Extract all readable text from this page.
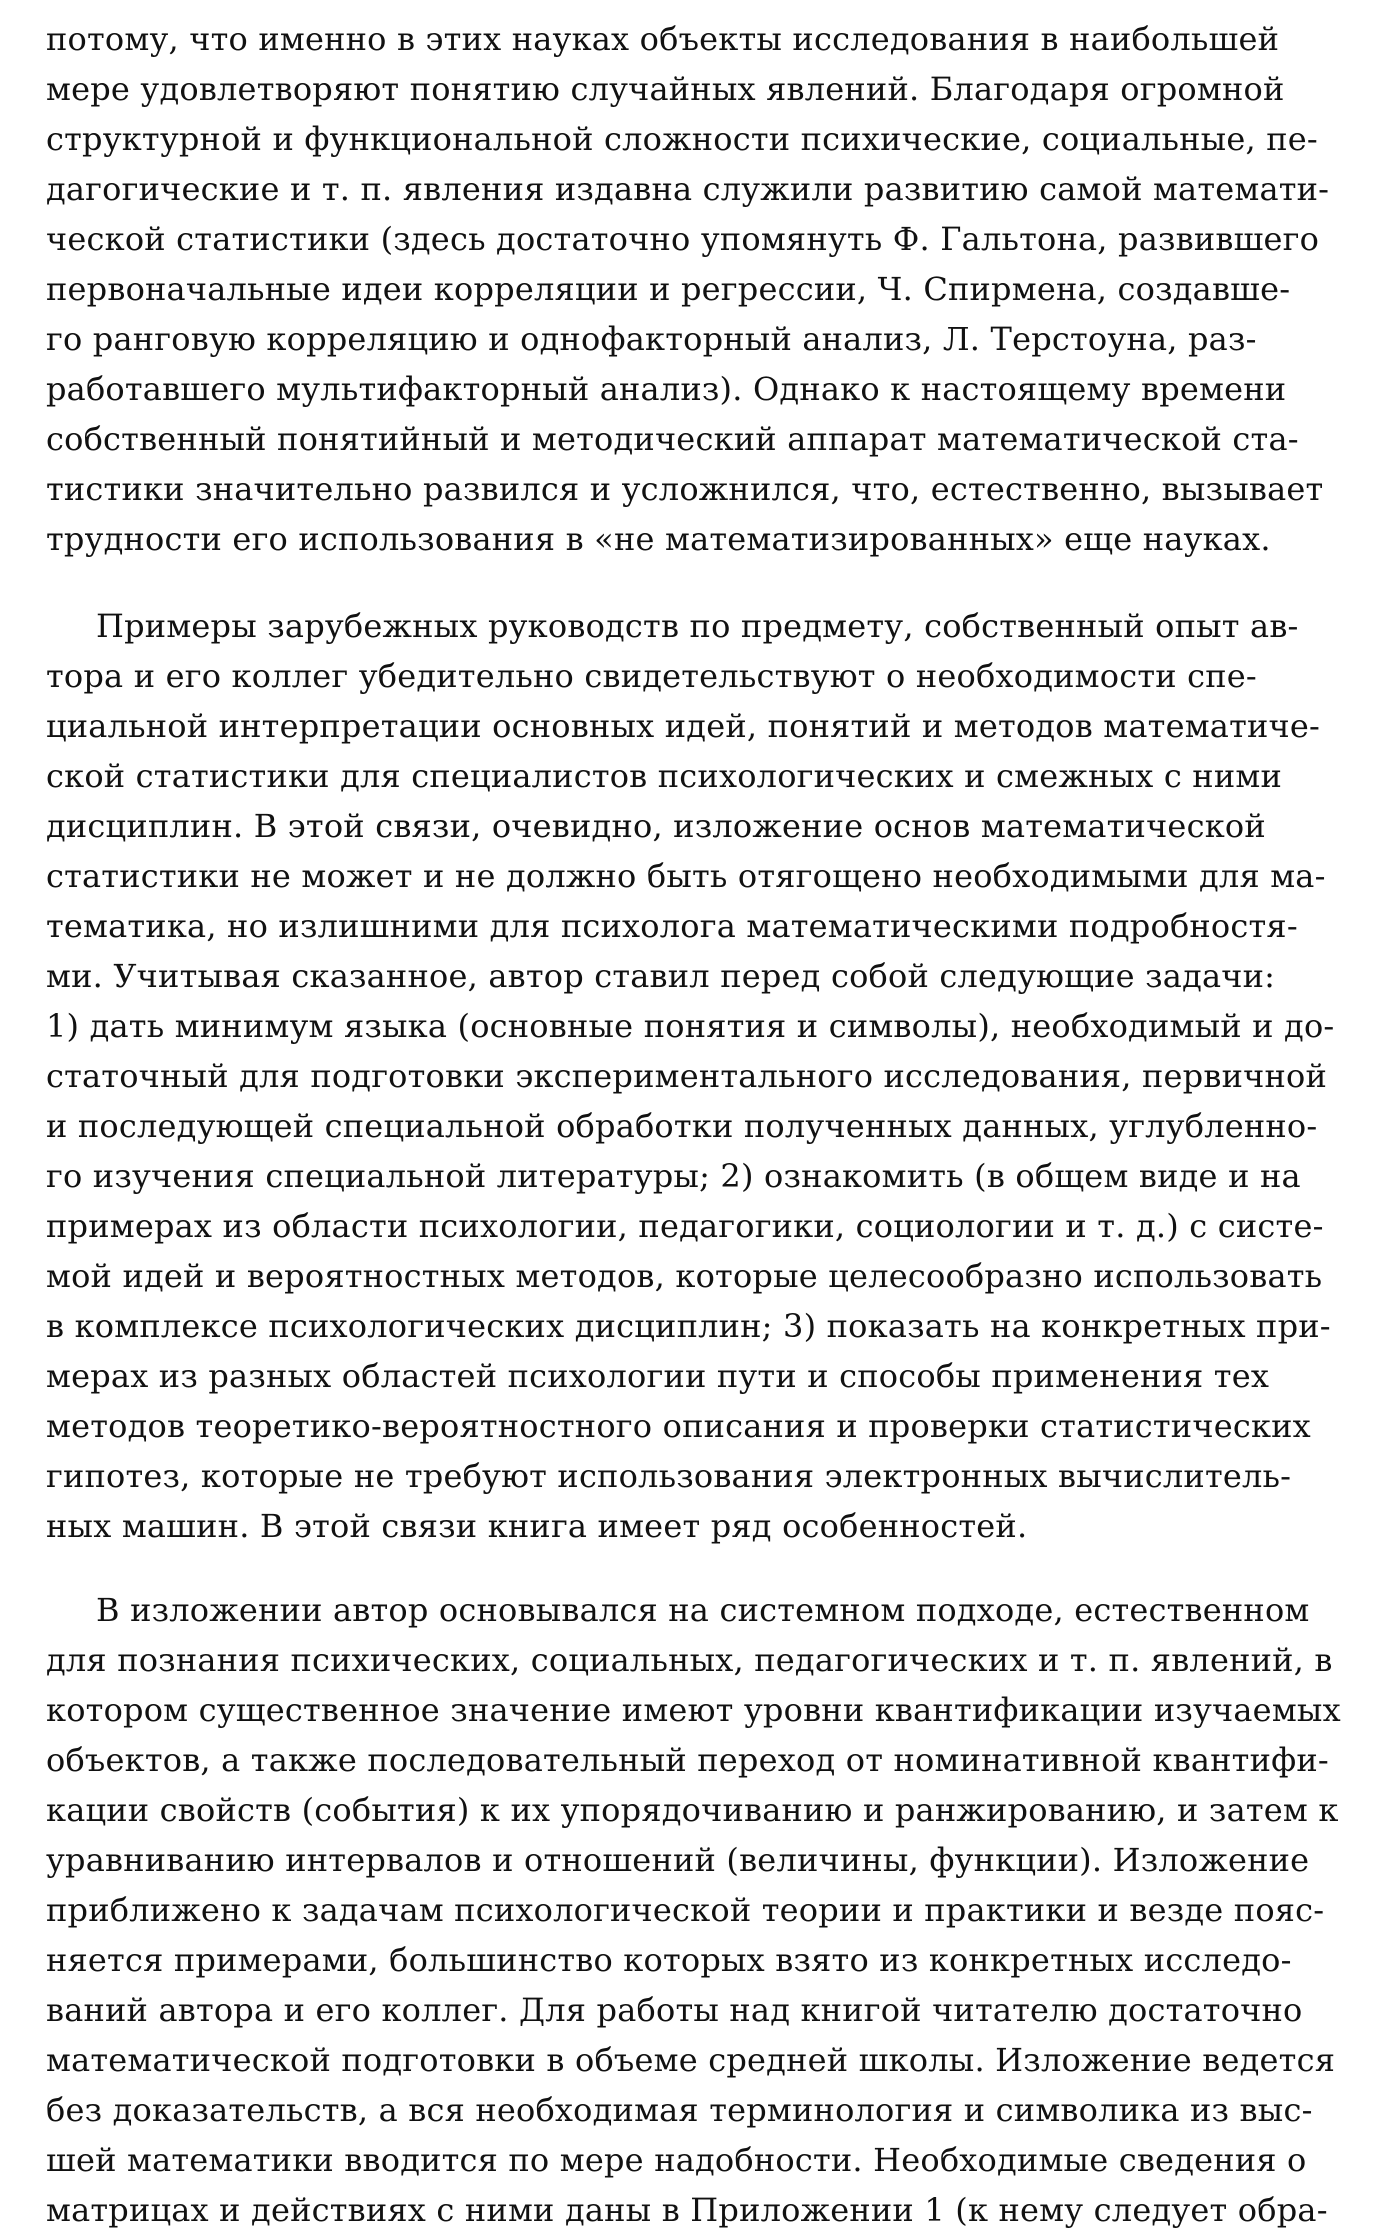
потому, что именно в этих науках объекты исследования в наибольшей
мере удовлетворяют понятию случайных явлений. Благодаря огромной
структурной и функциональной сложности психические, социальные, пе-
дагогические и т. п. явления издавна служили развитию самой математи-
ческой статистики (здесь достаточно упомянуть Ф. Гальтона, развившего
первоначальные идеи корреляции и регрессии, Ч. Спирмена, создавше-
го ранговую корреляцию и однофакторный анализ, Л. Терстоуна, раз-
работавшего мультифакторный анализ). Однако к настоящему времени
собственный понятийный и методический аппарат математической ста-
тистики значительно развился и усложнился, что, естественно, вызывает
трудности его использования в «не математизированных» еще науках.
Примеры зарубежных руководств по предмету, собственный опыт ав-
тора и его коллег убедительно свидетельствуют о необходимости спе-
циальной интерпретации основных идей, понятий и методов математиче-
ской статистики для специалистов психологических и смежных с ними
дисциплин. В этой связи, очевидно, изложение основ математической
статистики не может и не должно быть отягощено необходимыми для ма-
тематика, но излишними для психолога математическими подробностя-
ми. Учитывая сказанное, автор ставил перед собой следующие задачи:
1) дать минимум языка (основные понятия и символы), необходимый и до-
статочный для подготовки экспериментального исследования, первичной
и последующей специальной обработки полученных данных, углубленно-
го изучения специальной литературы; 2) ознакомить (в общем виде и на
примерах из области психологии, педагогики, социологии и т. д.) с систе-
мой идей и вероятностных методов, которые целесообразно использовать
в комплексе психологических дисциплин; 3) показать на конкретных при-
мерах из разных областей психологии пути и способы применения тех
методов теоретико-вероятностного описания и проверки статистических
гипотез, которые не требуют использования электронных вычислитель-
ных машин. В этой связи книга имеет ряд особенностей.
В изложении автор основывался на системном подходе, естественном
для познания психических, социальных, педагогических и т. п. явлений, в
котором существенное значение имеют уровни квантификации изучаемых
объектов, а также последовательный переход от номинативной квантифи-
кации свойств (события) к их упорядочиванию и ранжированию, и затем к
уравниванию интервалов и отношений (величины, функции). Изложение
приближено к задачам психологической теории и практики и везде пояс-
няется примерами, большинство которых взято из конкретных исследо-
ваний автора и его коллег. Для работы над книгой читателю достаточно
математической подготовки в объеме средней школы. Изложение ведется
без доказательств, а вся необходимая терминология и символика из выс-
шей математики вводится по мере надобности. Необходимые сведения о
матрицах и действиях с ними даны в Приложении 1 (к нему следует обра-
